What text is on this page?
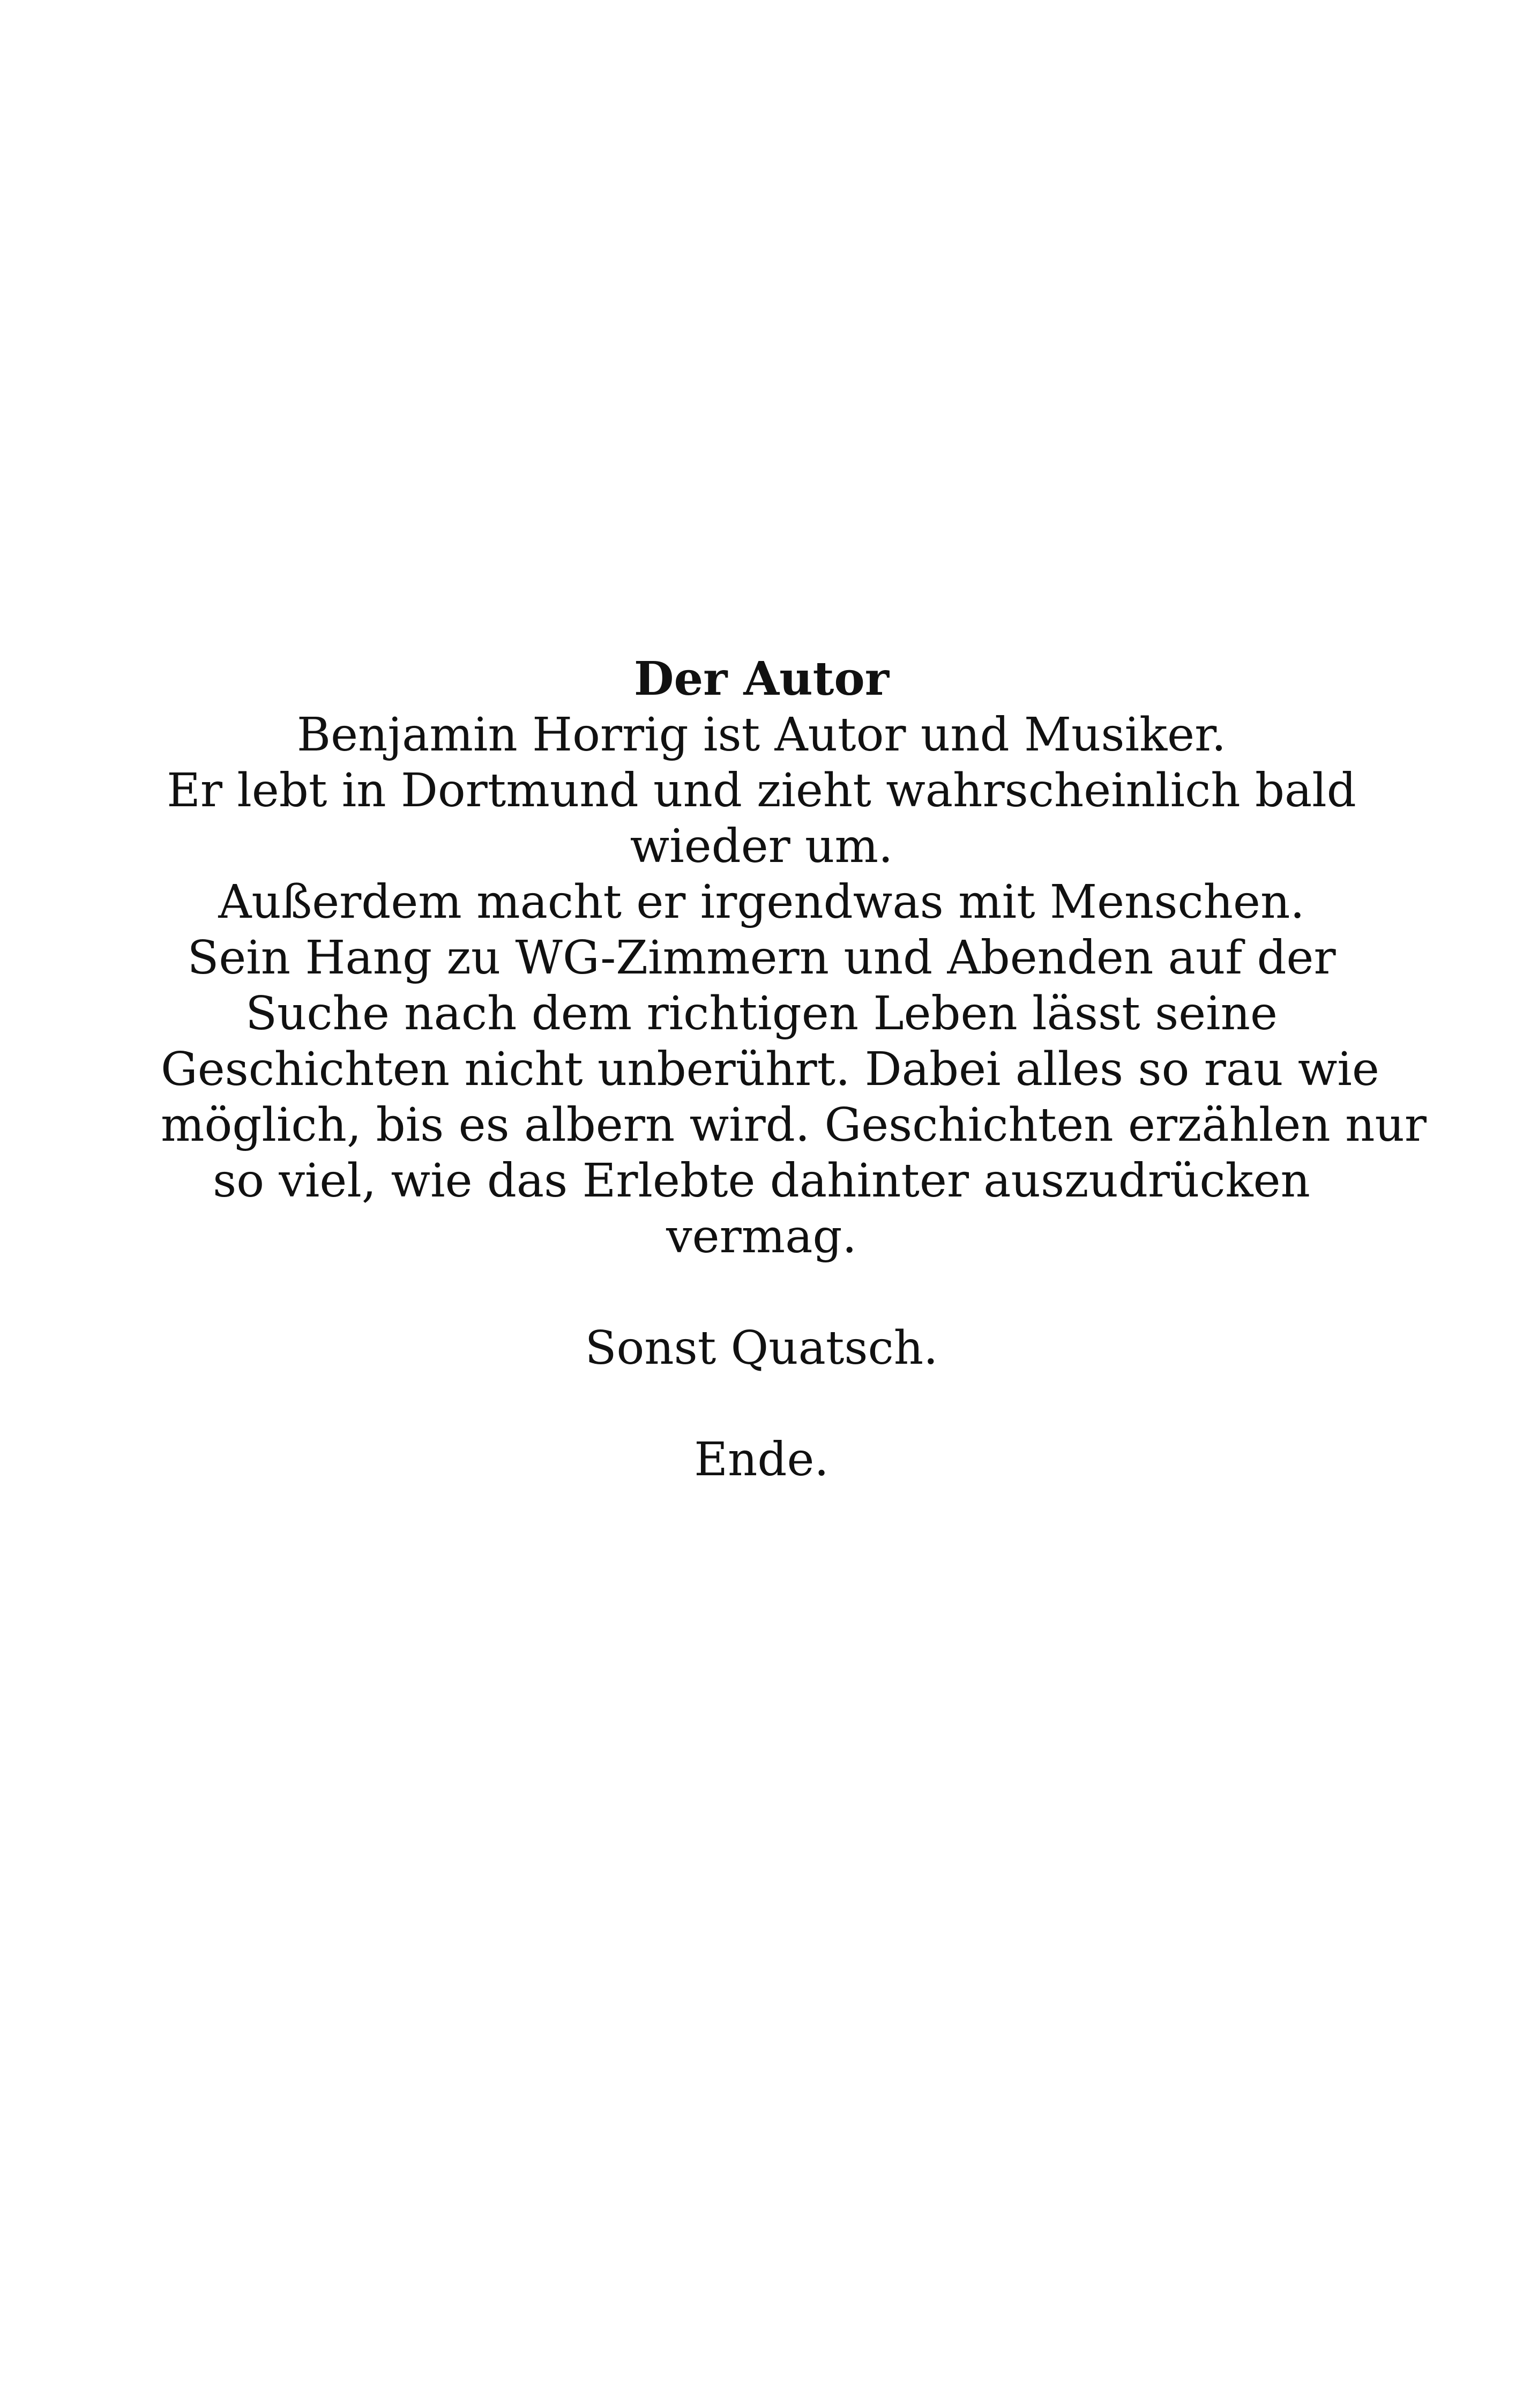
Der Autor
Benjamin Horrig ist Autor und Musiker.
Er lebt in Dortmund und zieht wahrscheinlich bald
wieder um.
Außerdem macht er irgendwas mit Menschen.
Sein Hang zu WG-Zimmern und Abenden auf der
Suche nach dem richtigen Leben lässt seine
Geschichten nicht unberührt. Dabei alles so rau wie
möglich, bis es albern wird. Geschichten erzählen nur
so viel, wie das Erlebte dahinter auszudrücken
vermag.

Sonst Quatsch.

Ende.
